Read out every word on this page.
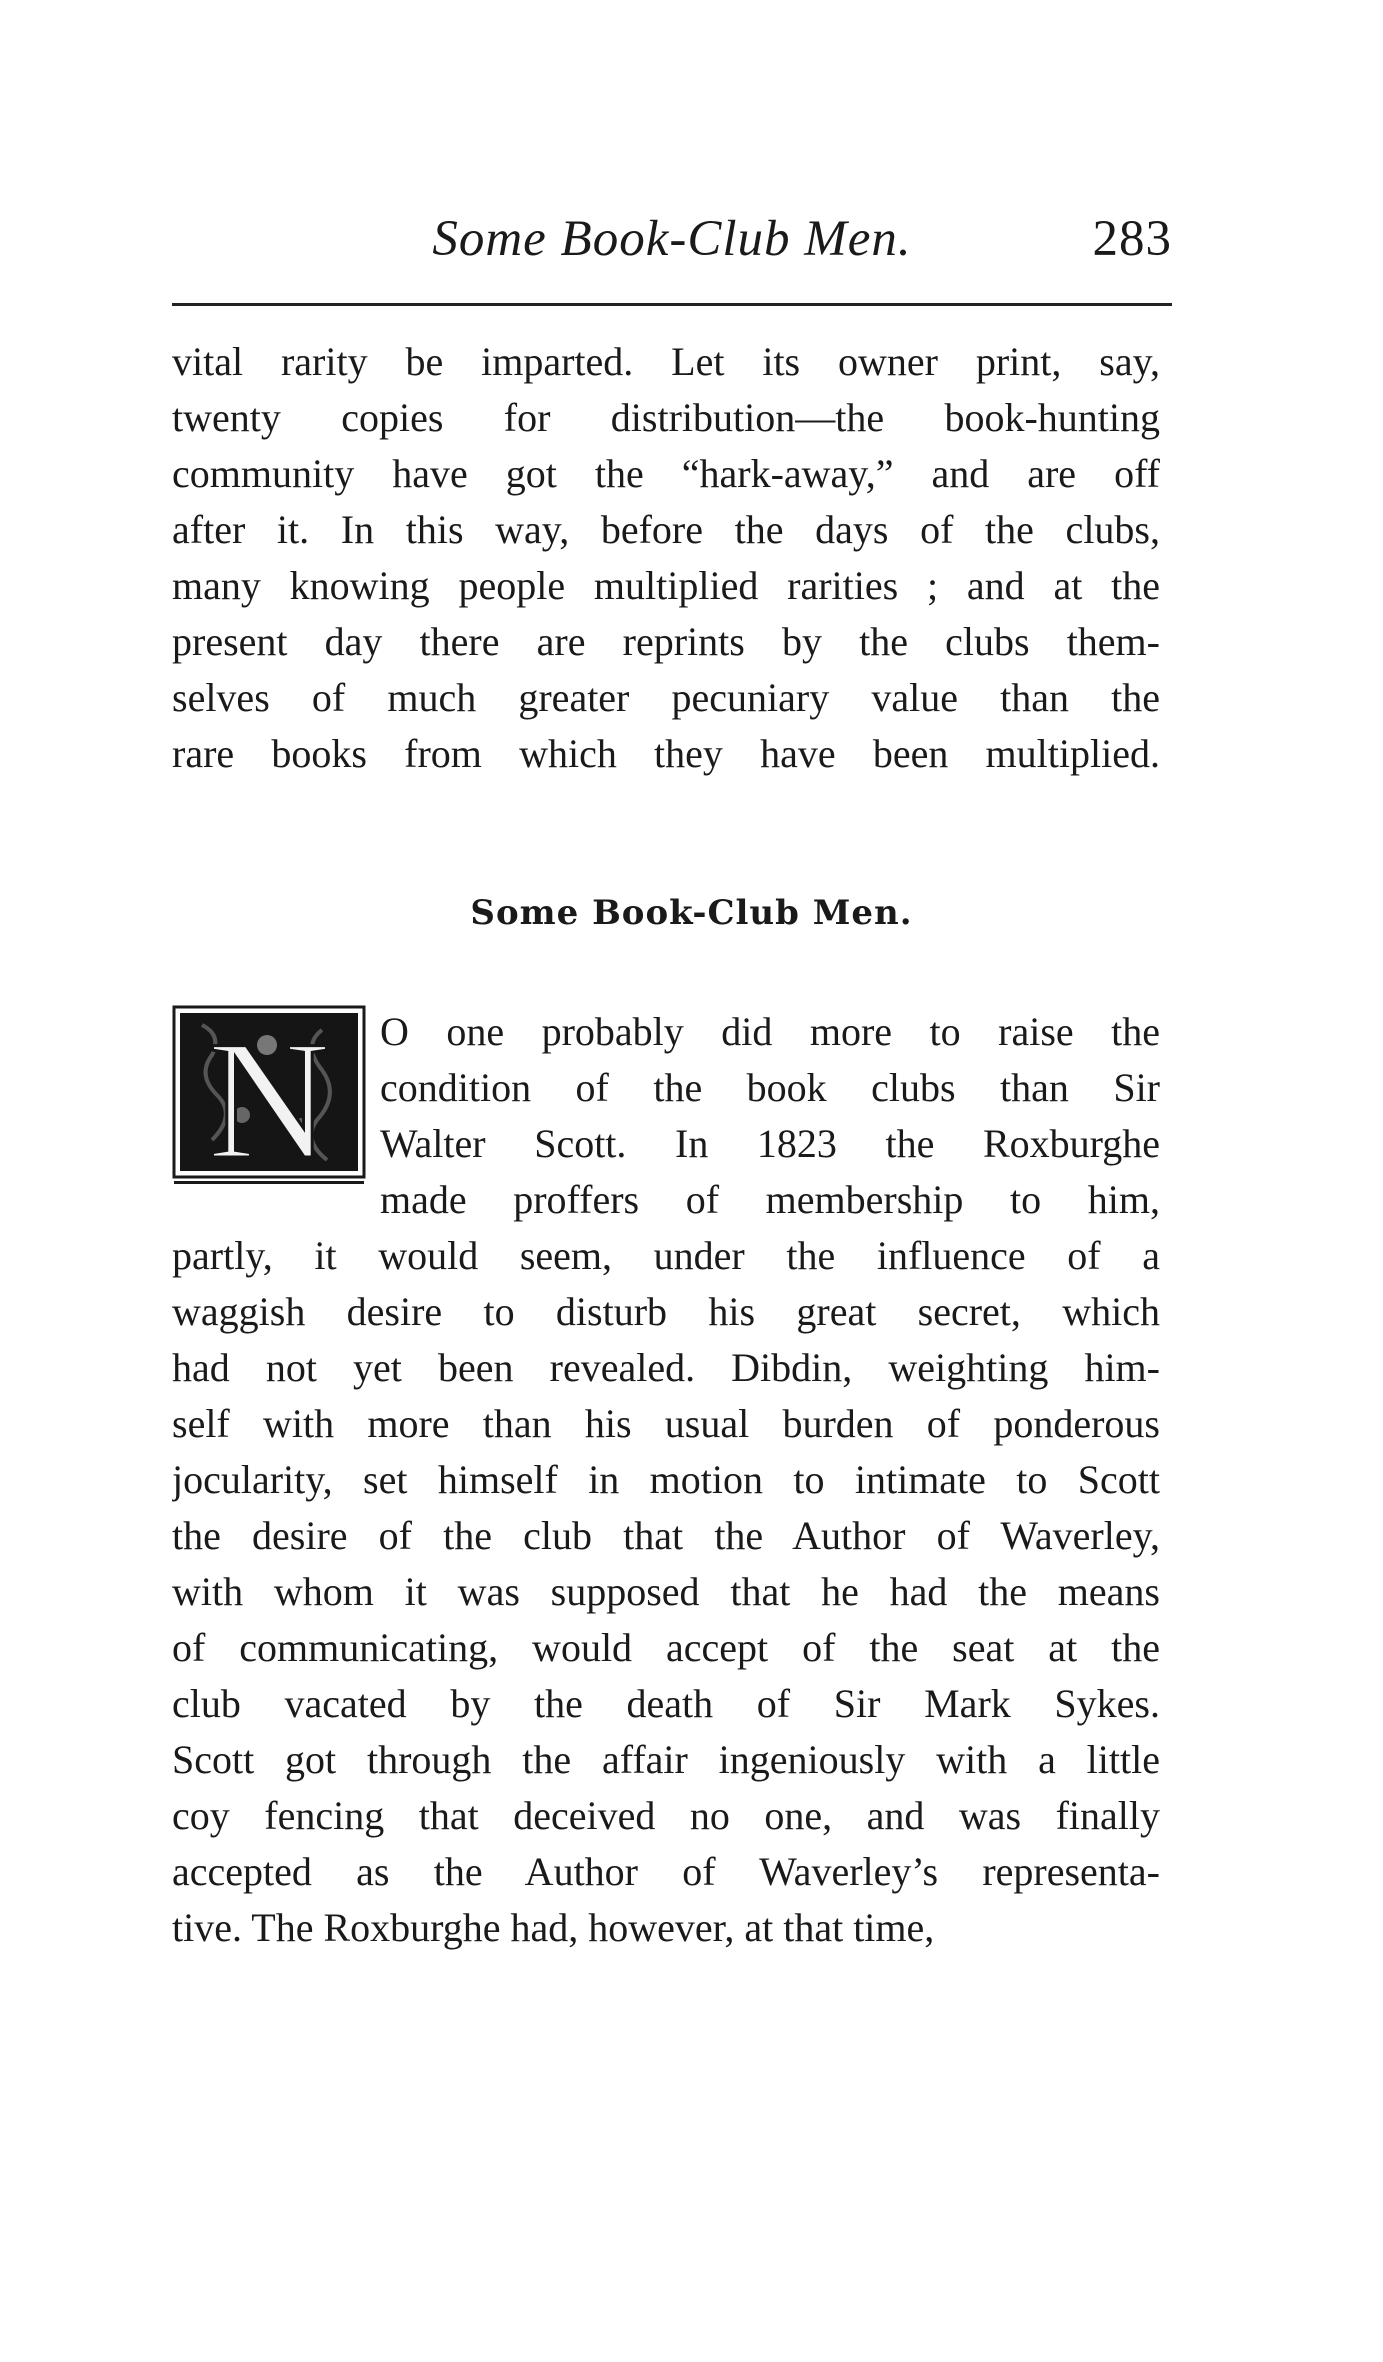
Some Book-Club Men.	283
vital rarity be imparted. Let its owner print, say,
twenty copies for distribution—the book-hunting
community have got the “hark-away,” and are off
after it. In this way, before the days of the clubs,
many knowing people multiplied rarities ; and at the
present day there are reprints by the clubs them-
selves of much greater pecuniary value than the
rare books from which they have been multiplied.
Some Book-Club Men.
N O one probably did more to raise the
condition of the book clubs than Sir
Walter Scott. In 1823 the Roxburghe
made proffers of membership to him,
partly, it would seem, under the influence of a
waggish desire to disturb his great secret, which
had not yet been revealed. Dibdin, weighting him-
self with more than his usual burden of ponderous
jocularity, set himself in motion to intimate to Scott
the desire of the club that the Author of Waverley,
with whom it was supposed that he had the means
of communicating, would accept of the seat at the
club vacated by the death of Sir Mark Sykes.
Scott got through the affair ingeniously with a little
coy fencing that deceived no one, and was finally
accepted as the Author of Waverley’s representa-
tive. The Roxburghe had, however, at that time,
